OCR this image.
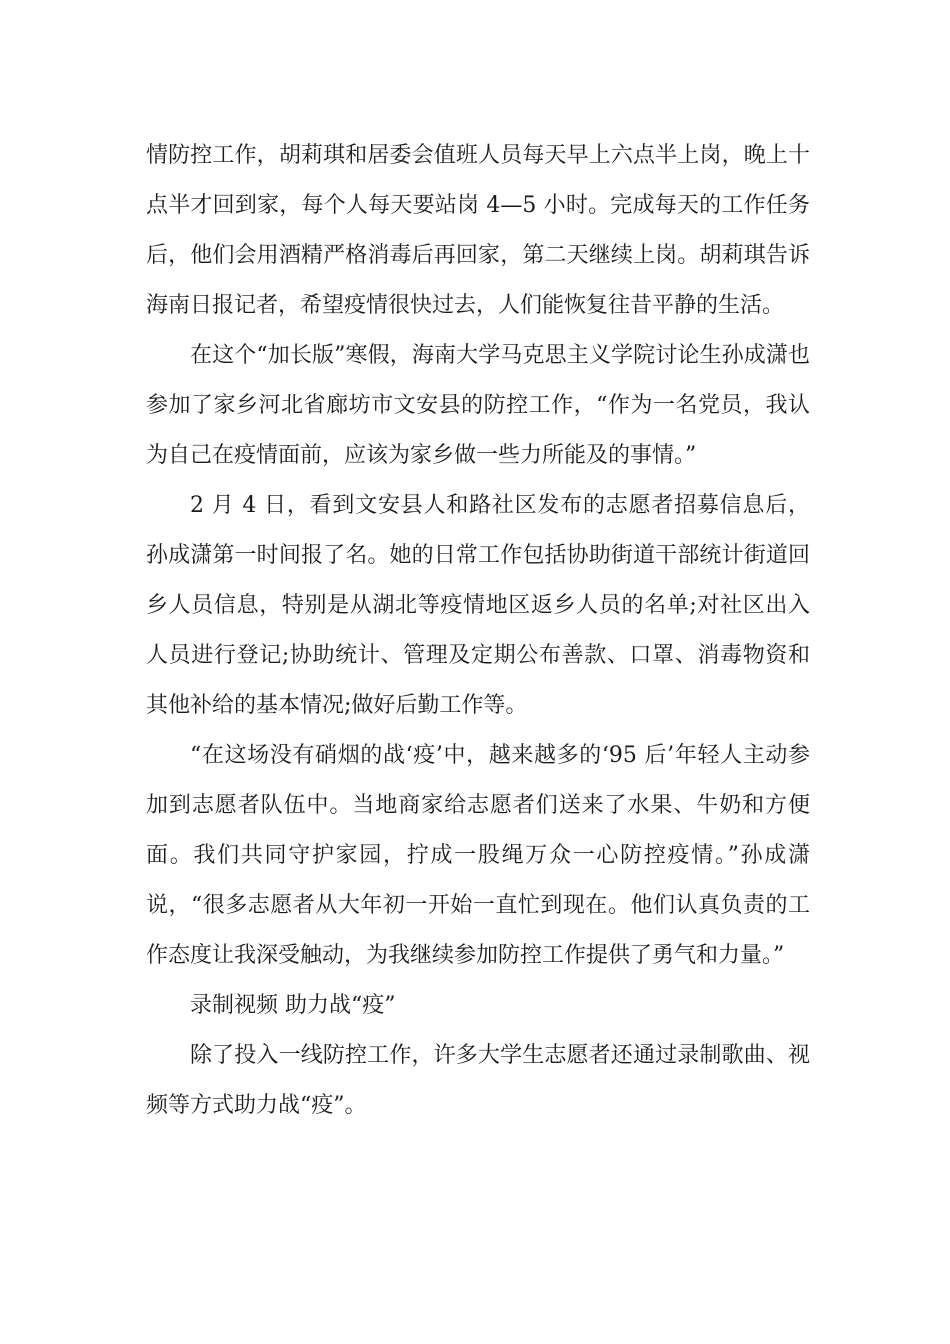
情防控工作，胡莉琪和居委会值班人员每天早上六点半上岗，晚上十点半才回到家，每个人每天要站岗 4—5 小时。完成每天的工作任务后，他们会用酒精严格消毒后再回家，第二天继续上岗。胡莉琪告诉海南日报记者，希望疫情很快过去，人们能恢复往昔平静的生活。

在这个“加长版”寒假，海南大学马克思主义学院讨论生孙成潇也参加了家乡河北省廊坊市文安县的防控工作，“作为一名党员，我认为自己在疫情面前，应该为家乡做一些力所能及的事情。”

2 月 4 日，看到文安县人和路社区发布的志愿者招募信息后，孙成潇第一时间报了名。她的日常工作包括协助街道干部统计街道回乡人员信息，特别是从湖北等疫情地区返乡人员的名单;对社区出入人员进行登记;协助统计、管理及定期公布善款、口罩、消毒物资和其他补给的基本情况;做好后勤工作等。

“在这场没有硝烟的战‘疫’中，越来越多的‘95 后’年轻人主动参加到志愿者队伍中。当地商家给志愿者们送来了水果、牛奶和方便面。我们共同守护家园，拧成一股绳万众一心防控疫情。”孙成潇说，“很多志愿者从大年初一开始一直忙到现在。他们认真负责的工作态度让我深受触动，为我继续参加防控工作提供了勇气和力量。”

录制视频 助力战“疫”

除了投入一线防控工作，许多大学生志愿者还通过录制歌曲、视频等方式助力战“疫”。
